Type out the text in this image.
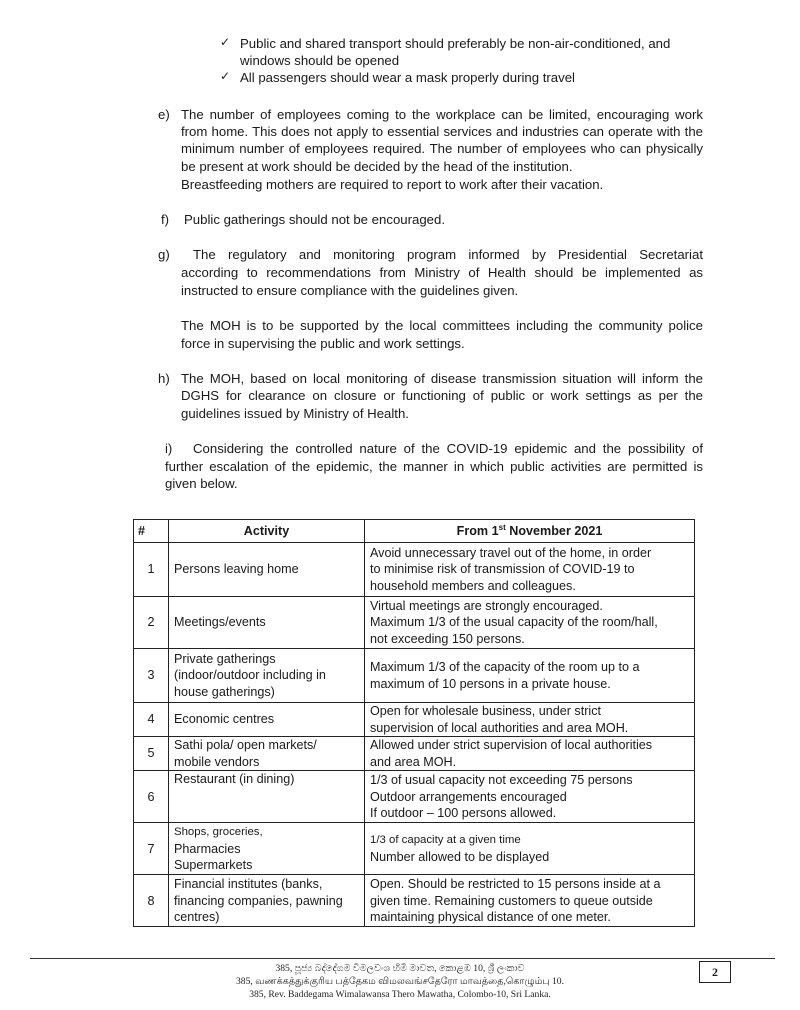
✓ Public and shared transport should preferably be non-air-conditioned, and
windows should be opened
✓ All passengers should wear a mask properly during travel
e) The number of employees coming to the workplace can be limited, encouraging work
from home. This does not apply to essential services and industries can operate with the
minimum number of employees required. The number of employees who can physically
be present at work should be decided by the head of the institution.
Breastfeeding mothers are required to report to work after their vacation.
f) Public gatherings should not be encouraged.
g) The regulatory and monitoring program informed by Presidential Secretariat
according to recommendations from Ministry of Health should be implemented as
instructed to ensure compliance with the guidelines given.
The MOH is to be supported by the local committees including the community police
force in supervising the public and work settings.
h) The MOH, based on local monitoring of disease transmission situation will inform the
DGHS for clearance on closure or functioning of public or work settings as per the
guidelines issued by Ministry of Health.
i) Considering the controlled nature of the COVID-19 epidemic and the possibility of
further escalation of the epidemic, the manner in which public activities are permitted is
given below.
#	Activity	From 1st November 2021
1	Persons leaving home	Avoid unnecessary travel out of the home, in order
to minimise risk of transmission of COVID-19 to
household members and colleagues.

2	Meetings/events	Virtual meetings are strongly encouraged.
Maximum 1/3 of the usual capacity of the room/hall,
not exceeding 150 persons.

3	Private gatherings
(indoor/outdoor including in
house gatherings)	Maximum 1/3 of the capacity of the room up to a
maximum of 10 persons in a private house.

4	Economic centres	Open for wholesale business, under strict
supervision of local authorities and area MOH.

5	Sathi pola/ open markets/
mobile vendors	Allowed under strict supervision of local authorities
and area MOH.

6	Restaurant (in dining)	1/3 of usual capacity not exceeding 75 persons
Outdoor arrangements encouraged
If outdoor – 100 persons allowed.

7	Shops, groceries,
Pharmacies
Supermarkets	1/3 of capacity at a given time
Number allowed to be displayed

8	Financial institutes (banks,
financing companies, pawning
centres)	Open. Should be restricted to 15 persons inside at a
given time. Remaining customers to queue outside
maintaining physical distance of one meter.
385, පූජ්‍ය බද්දේගම විමලවංශ හිමි මාවත, කොළඹ 10, ශ්‍රී ලංකාව
385, வணக்கத்துக்குரிய பத்தேகம விமலவங்சதேரோ மாவத்தை,கொழும்பு 10.
385, Rev. Baddegama Wimalawansa Thero Mawatha, Colombo-10, Sri Lanka.
2
